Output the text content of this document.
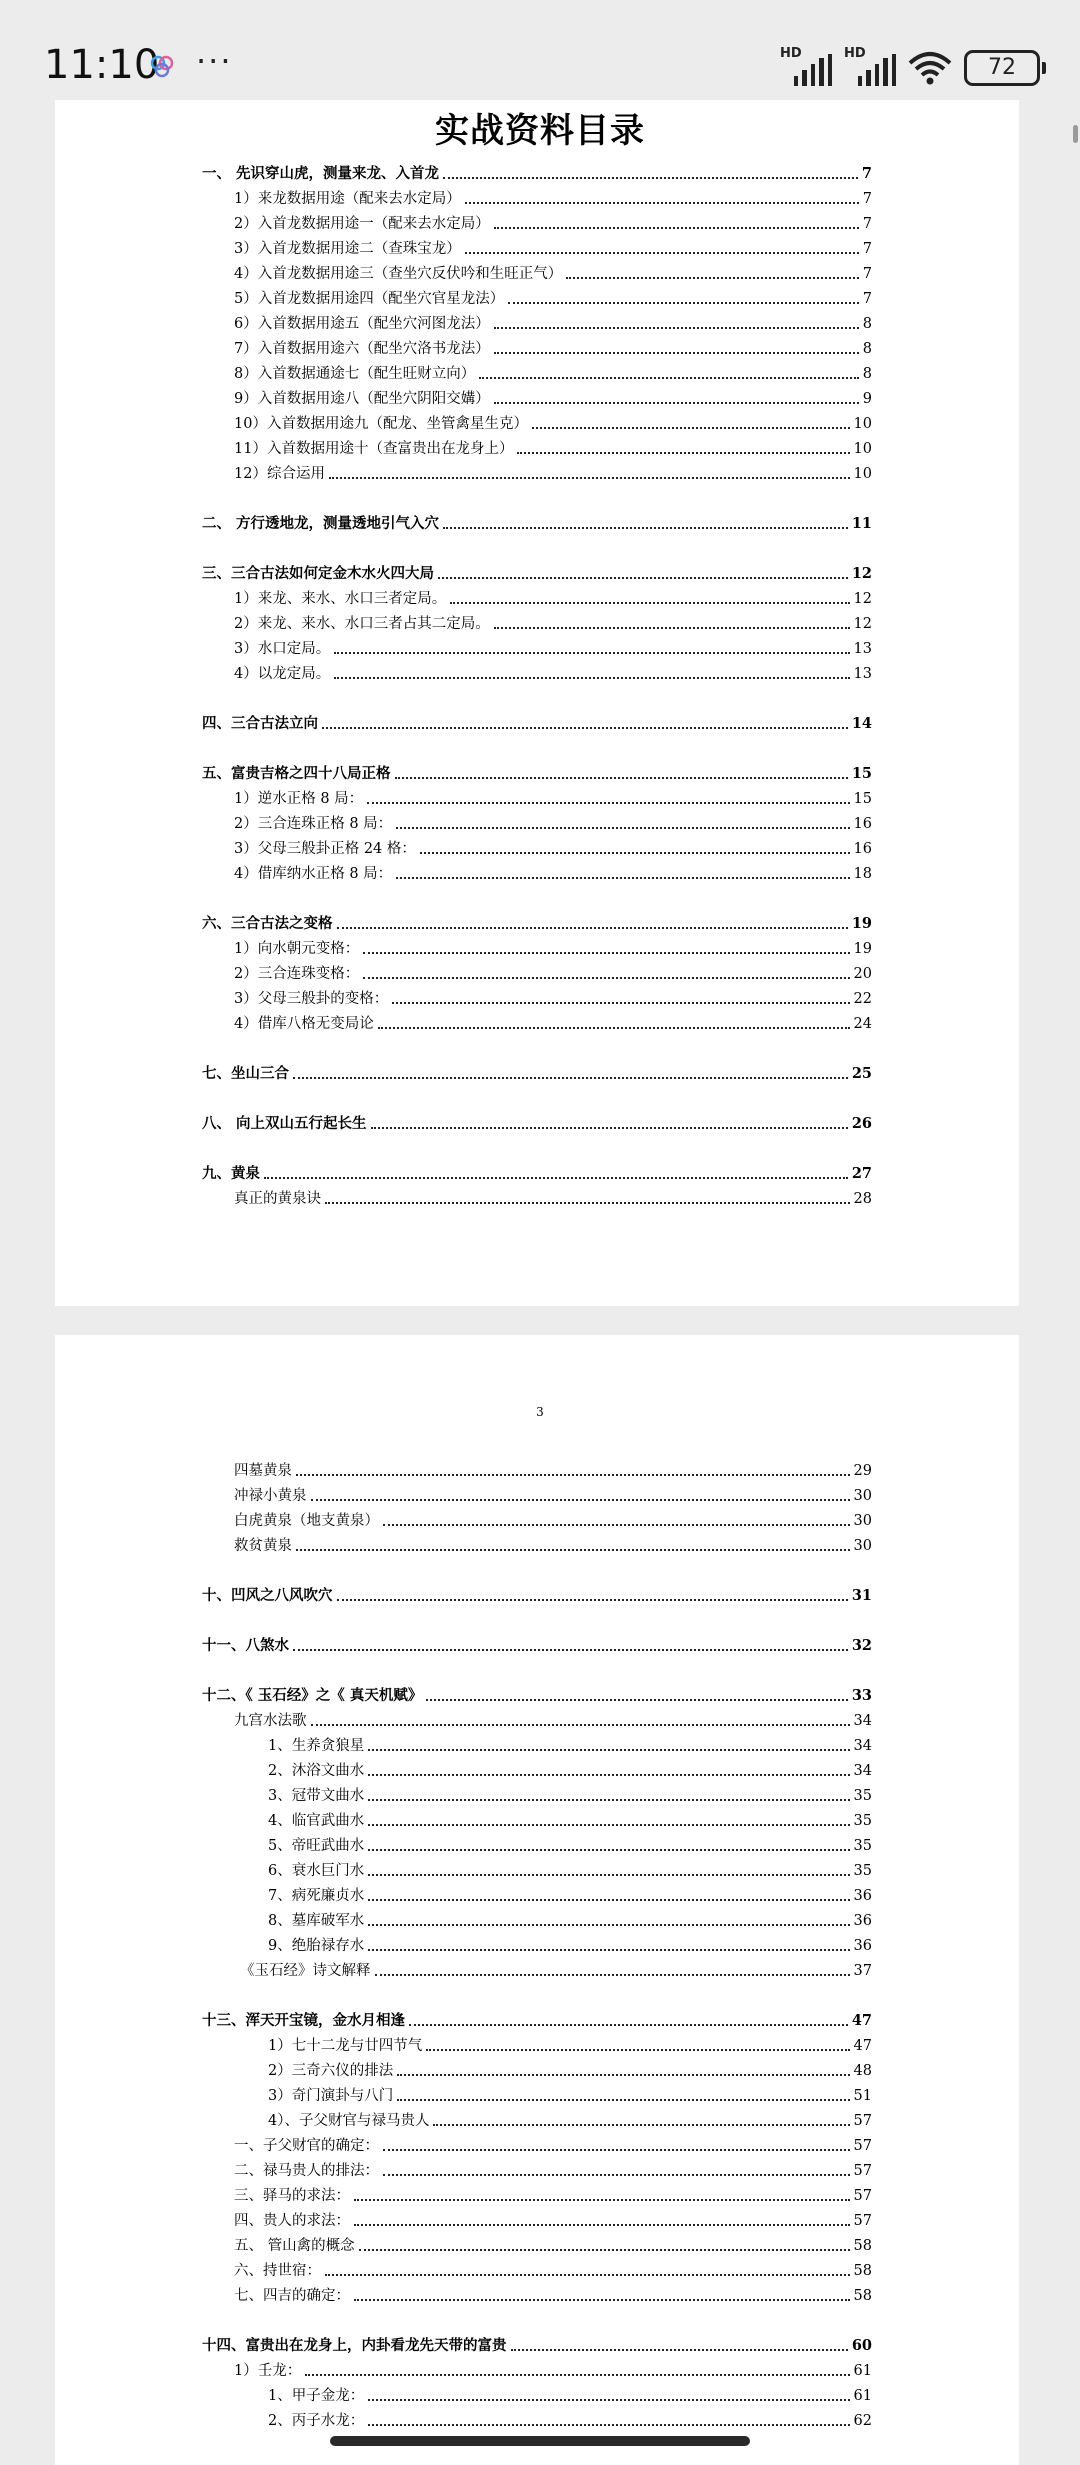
11:10 ···	HD	HD
72
实战资料目录
3
一、 先识穿山虎，测量来龙、入首龙	7
1）来龙数据用途（配来去水定局）	7
2）入首龙数据用途一（配来去水定局）	7
3）入首龙数据用途二（查珠宝龙）	7
4）入首龙数据用途三（查坐穴反伏吟和生旺正气）	7
5）入首龙数据用途四（配坐穴官星龙法）	7
6）入首数据用途五（配坐穴河图龙法）	8
7）入首数据用途六（配坐穴洛书龙法）	8
8）入首数据通途七（配生旺财立向）	8
9）入首数据用途八（配坐穴阴阳交媾）	9
10）入首数据用途九（配龙、坐管禽星生克）	10
11）入首数据用途十（查富贵出在龙身上）	10
12）综合运用	10
二、 方行透地龙，测量透地引气入穴	11
三、三合古法如何定金木水火四大局	12
1）来龙、来水、水口三者定局。	12
2）来龙、来水、水口三者占其二定局。	12
3）水口定局。	13
4）以龙定局。	13
四、三合古法立向	14
五、富贵吉格之四十八局正格	15
1）逆水正格 8 局：	15
2）三合连珠正格 8 局：	16
3）父母三般卦正格 24 格：	16
4）借库纳水正格 8 局：	18
六、三合古法之变格	19
1）向水朝元变格：	19
2）三合连珠变格：	20
3）父母三般卦的变格：	22
4）借库八格无变局论	24
七、坐山三合	25
八、 向上双山五行起长生	26
九、黄泉	27
真正的黄泉诀	28
四墓黄泉	29
冲禄小黄泉	30
白虎黄泉（地支黄泉）	30
救贫黄泉	30
十、凹风之八风吹穴	31
十一、八煞水	32
十二、《 玉石经》之《 真天机赋》	33
九宫水法歌	34
1、生养贪狼星	34
2、沐浴文曲水	34
3、冠带文曲水	35
4、临官武曲水	35
5、帝旺武曲水	35
6、衰水巨门水	35
7、病死廉贞水	36
8、墓库破军水	36
9、绝胎禄存水	36
《玉石经》诗文解释	37
十三、浑天开宝镜，金水月相逢	47
1）七十二龙与廿四节气	47
2）三奇六仪的排法	48
3）奇门演卦与八门	51
4）、子父财官与禄马贵人	57
一、子父财官的确定：	57
二、禄马贵人的排法：	57
三、驿马的求法：	57
四、贵人的求法：	57
五、 管山禽的概念	58
六、持世宿：	58
七、四吉的确定：	58
十四、富贵出在龙身上，内卦看龙先天带的富贵	60
1）壬龙：	61
1、甲子金龙：	61
2、丙子水龙：	62
